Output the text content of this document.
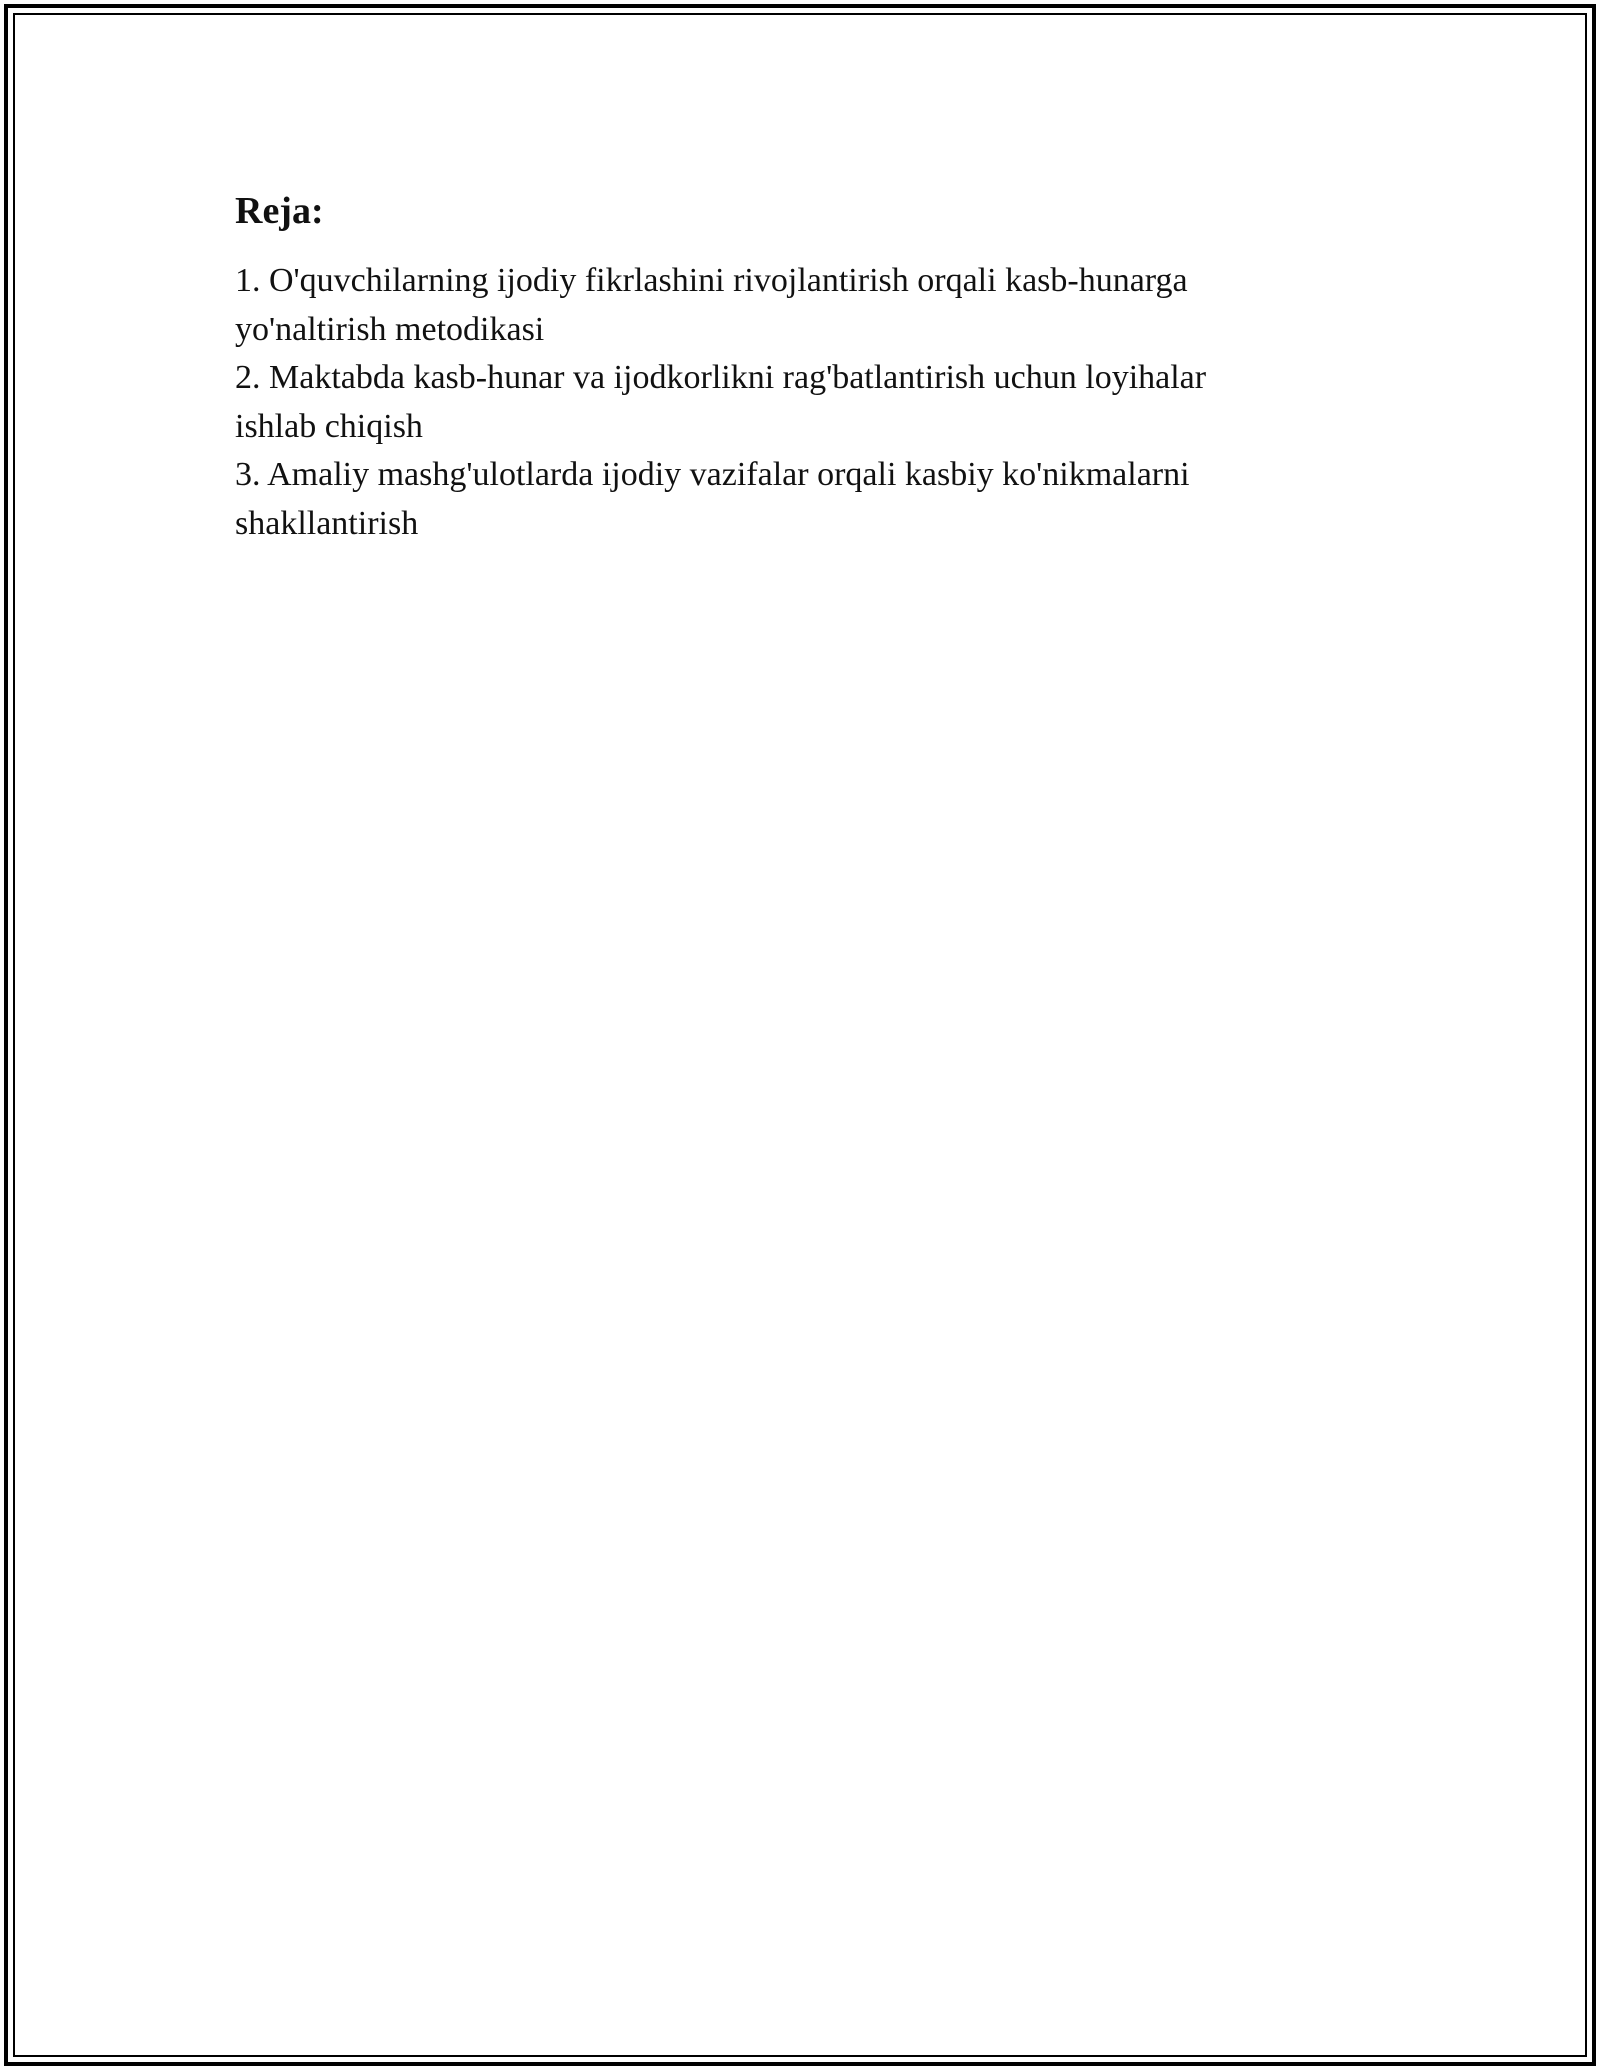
Reja:
1. O'quvchilarning ijodiy fikrlashini rivojlantirish orqali kasb-hunarga
yo'naltirish metodikasi
2. Maktabda kasb-hunar va ijodkorlikni rag'batlantirish uchun loyihalar
ishlab chiqish
3. Amaliy mashg'ulotlarda ijodiy vazifalar orqali kasbiy ko'nikmalarni
shakllantirish
